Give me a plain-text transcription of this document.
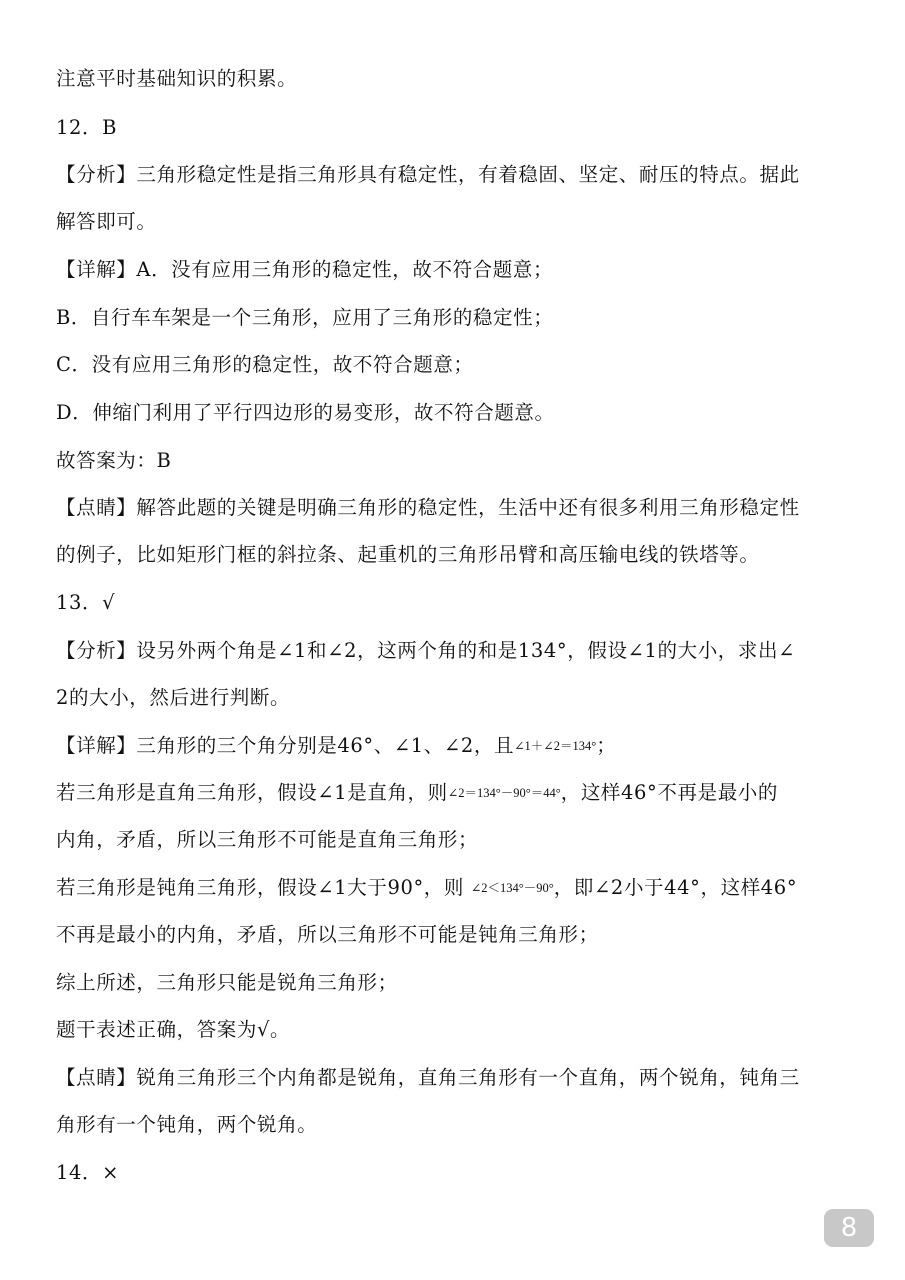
注意平时基础知识的积累。
12．B
【分析】三角形稳定性是指三角形具有稳定性，有着稳固、坚定、耐压的特点。据此
解答即可。
【详解】A．没有应用三角形的稳定性，故不符合题意；
B．自行车车架是一个三角形，应用了三角形的稳定性；
C．没有应用三角形的稳定性，故不符合题意；
D．伸缩门利用了平行四边形的易变形，故不符合题意。
故答案为：B
【点睛】解答此题的关键是明确三角形的稳定性，生活中还有很多利用三角形稳定性
的例子，比如矩形门框的斜拉条、起重机的三角形吊臂和高压输电线的铁塔等。
13．√
【分析】设另外两个角是∠1和∠2，这两个角的和是134°，假设∠1的大小，求出∠
2的大小，然后进行判断。
【详解】三角形的三个角分别是46°、∠1、∠2，且∠1＋∠2＝134°；
若三角形是直角三角形，假设∠1是直角，则∠2＝134°－90°＝44°，这样46°不再是最小的
内角，矛盾，所以三角形不可能是直角三角形；
若三角形是钝角三角形，假设∠1大于90°，则 ∠2＜134°－90°，即∠2小于44°，这样46°
不再是最小的内角，矛盾，所以三角形不可能是钝角三角形；
综上所述，三角形只能是锐角三角形；
题干表述正确，答案为√。
【点睛】锐角三角形三个内角都是锐角，直角三角形有一个直角，两个锐角，钝角三
角形有一个钝角，两个锐角。
14．×
8
